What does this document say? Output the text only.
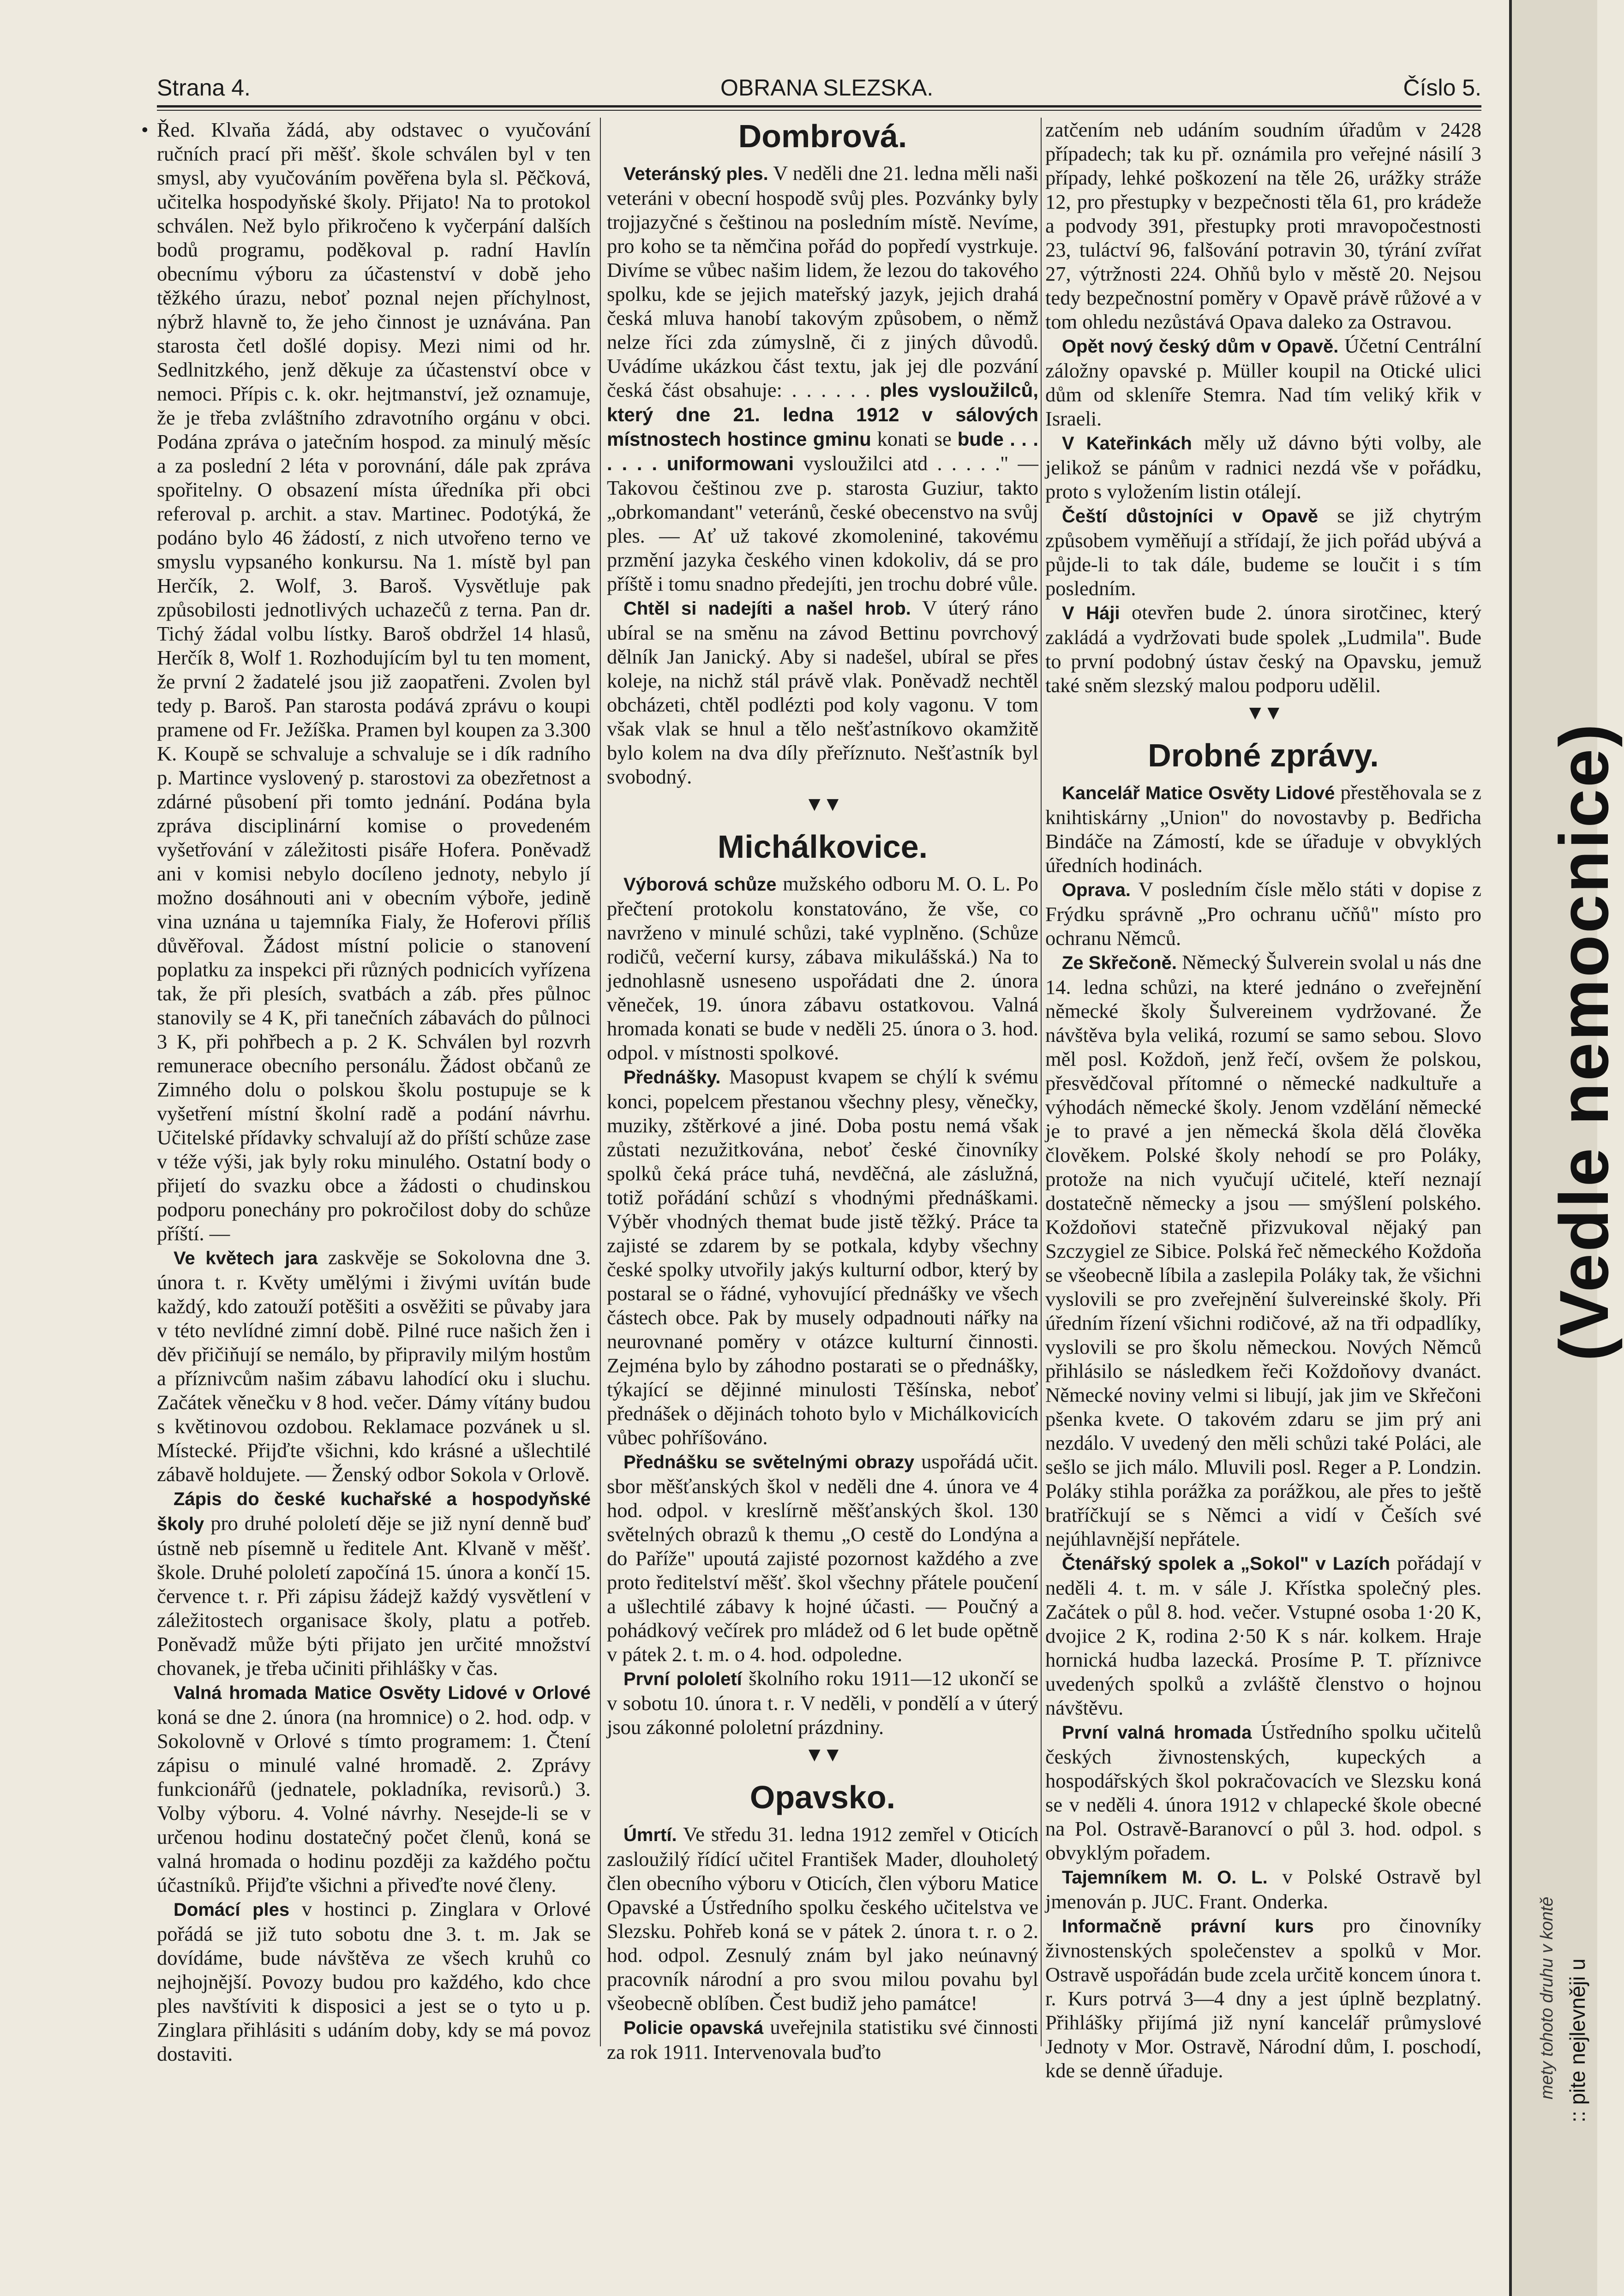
Strana 4.	OBRANA SLEZSKA.	Číslo 5.
• Řed. Klvaňa žádá, aby odstavec o vyučování ručních prací při měšť. škole schválen byl v ten smysl, aby vyučováním pověřena byla sl. Pěčková, učitelka hospodyňské školy. Přijato! Na to protokol schválen. Než bylo přikročeno k vyčerpání dalších bodů programu, poděkoval p. radní Havlín obecnímu výboru za účastenství v době jeho těžkého úrazu, neboť poznal nejen příchylnost, nýbrž hlavně to, že jeho činnost je uznávána. Pan starosta četl došlé dopisy. Mezi nimi od hr. Sedlnitzkého, jenž děkuje za účastenství obce v nemoci. Přípis c. k. okr. hejtmanství, jež oznamuje, že je třeba zvláštního zdravotního orgánu v obci. Podána zpráva o jatečním hospod. za minulý měsíc a za poslední 2 léta v porovnání, dále pak zpráva spořitelny. O obsazení místa úředníka při obci referoval p. archit. a stav. Martinec. Podotýká, že podáno bylo 46 žádostí, z nich utvořeno terno ve smyslu vypsaného konkursu. Na 1. místě byl pan Herčík, 2. Wolf, 3. Baroš. Vysvětluje pak způsobilosti jednotlivých uchazečů z terna. Pan dr. Tichý žádal volbu lístky. Baroš obdržel 14 hlasů, Herčík 8, Wolf 1. Rozhodujícím byl tu ten moment, že první 2 žadatelé jsou již zaopatřeni. Zvolen byl tedy p. Baroš. Pan starosta podává zprávu o koupi pramene od Fr. Ježíška. Pramen byl koupen za 3.300 K. Koupě se schvaluje a schvaluje se i dík radního p. Martince vyslovený p. starostovi za obezřetnost a zdárné působení při tomto jednání. Podána byla zpráva disciplinární komise o provedeném vyšetřování v záležitosti pisáře Hofera. Poněvadž ani v komisi nebylo docíleno jednoty, nebylo jí možno dosáhnouti ani v obecním výboře, jedině vina uznána u tajemníka Fialy, že Hoferovi příliš důvěřoval. Žádost místní policie o stanovení poplatku za inspekci při různých podnicích vyřízena tak, že při plesích, svatbách a záb. přes půlnoc stanovily se 4 K, při tanečních zábavách do půlnoci 3 K, při pohřbech a p. 2 K. Schválen byl rozvrh remunerace obecního personálu. Žádost občanů ze Zimného dolu o polskou školu postupuje se k vyšetření místní školní radě a podání návrhu. Učitelské přídavky schvalují až do příští schůze zase v téže výši, jak byly roku minulého. Ostatní body o přijetí do svazku obce a žádosti o chudinskou podporu ponechány pro pokročilost doby do schůze příští. —

Ve květech jara zaskvěje se Sokolovna dne 3. února t. r. Květy umělými i živými uvítán bude každý, kdo zatouží potěšiti a osvěžiti se půvaby jara v této nevlídné zimní době. Pilné ruce našich žen i děv přičiňují se nemálo, by připravily milým hostům a příznivcům našim zábavu lahodící oku i sluchu. Začátek věnečku v 8 hod. večer. Dámy vítány budou s květinovou ozdobou. Reklamace pozvánek u sl. Místecké. Přijďte všichni, kdo krásné a ušlechtilé zábavě holdujete. — Ženský odbor Sokola v Orlově.

Zápis do české kuchařské a hospodyňské školy pro druhé pololetí děje se již nyní denně buď ústně neb písemně u ředitele Ant. Klvaně v měšť. škole. Druhé pololetí započíná 15. února a končí 15. července t. r. Při zápisu žádejž každý vysvětlení v záležitostech organisace školy, platu a potřeb. Poněvadž může býti přijato jen určité množství chovanek, je třeba učiniti přihlášky v čas.

Valná hromada Matice Osvěty Lidové v Orlové koná se dne 2. února (na hromnice) o 2. hod. odp. v Sokolovně v Orlové s tímto programem: 1. Čtení zápisu o minulé valné hromadě. 2. Zprávy funkcionářů (jednatele, pokladníka, revisorů.) 3. Volby výboru. 4. Volné návrhy. Nesejde-li se v určenou hodinu dostatečný počet členů, koná se valná hromada o hodinu později za každého počtu účastníků. Přijďte všichni a přiveďte nové členy.

Domácí ples v hostinci p. Zinglara v Orlové pořádá se již tuto sobotu dne 3. t. m. Jak se dovídáme, bude návštěva ze všech kruhů co nejhojnější. Povozy budou pro každého, kdo chce ples navštíviti k disposici a jest se o tyto u p. Zinglara přihlásiti s udáním doby, kdy se má povoz dostaviti.

Dombrová.

Veteránský ples. V neděli dne 21. ledna měli naši veteráni v obecní hospodě svůj ples. Pozvánky byly trojjazyčné s češtinou na posledním místě. Nevíme, pro koho se ta němčina pořád do popředí vystrkuje. Divíme se vůbec našim lidem, že lezou do takového spolku, kde se jejich mateřský jazyk, jejich drahá česká mluva hanobí takovým způsobem, o němž nelze říci zda zúmyslně, či z jiných důvodů. Uvádíme ukázkou část textu, jak jej dle pozvání česká část obsahuje: . . . . . . ples vysloužilců, který dne 21. ledna 1912 v sálových místnostech hostince gminu konati se bude . . . . . . . uniformowani vysloužilci atd . . . . ." — Takovou češtinou zve p. starosta Guziur, takto „obrkomandant" veteránů, české obecenstvo na svůj ples. — Ať už takové zkomoleniné, takovému przmění jazyka českého vinen kdokoliv, dá se pro příště i tomu snadno předejíti, jen trochu dobré vůle.

Chtěl si nadejíti a našel hrob. V úterý ráno ubíral se na směnu na závod Bettinu povrchový dělník Jan Janický. Aby si nadešel, ubíral se přes koleje, na nichž stál právě vlak. Poněvadž nechtěl obcházeti, chtěl podlézti pod koly vagonu. V tom však vlak se hnul a tělo nešťastníkovo okamžitě bylo kolem na dva díly přeříznuto. Nešťastník byl svobodný.

▼▼

Michálkovice.

Výborová schůze mužského odboru M. O. L. Po přečtení protokolu konstatováno, že vše, co navrženo v minulé schůzi, také vyplněno. (Schůze rodičů, večerní kursy, zábava mikulášská.) Na to jednohlasně usneseno uspořádati dne 2. února věneček, 19. února zábavu ostatkovou. Valná hromada konati se bude v neděli 25. února o 3. hod. odpol. v místnosti spolkové.

Přednášky. Masopust kvapem se chýlí k svému konci, popelcem přestanou všechny plesy, věnečky, muziky, zštěrkové a jiné. Doba postu nemá však zůstati nezužitkována, neboť české činovníky spolků čeká práce tuhá, nevděčná, ale záslužná, totiž pořádání schůzí s vhodnými přednáškami. Výběr vhodných themat bude jistě těžký. Práce ta zajisté se zdarem by se potkala, kdyby všechny české spolky utvořily jakýs kulturní odbor, který by postaral se o řádné, vyhovující přednášky ve všech částech obce. Pak by musely odpadnouti nářky na neurovnané poměry v otázce kulturní činnosti. Zejména bylo by záhodno postarati se o přednášky, týkající se dějinné minulosti Těšínska, neboť přednášek o dějinách tohoto bylo v Michálkovicích vůbec pohříšováno.

Přednášku se světelnými obrazy uspořádá učit. sbor měšťanských škol v neděli dne 4. února ve 4 hod. odpol. v kreslírně měšťanských škol. 130 světelných obrazů k themu „O cestě do Londýna a do Paříže" upoutá zajisté pozornost každého a zve proto ředitelství měšť. škol všechny přátele poučení a ušlechtilé zábavy k hojné účasti. — Poučný a pohádkový večírek pro mládež od 6 let bude opětně v pátek 2. t. m. o 4. hod. odpoledne.

První pololetí školního roku 1911—12 ukončí se v sobotu 10. února t. r. V neděli, v pondělí a v úterý jsou zákonné pololetní prázdniny.

▼▼

Opavsko.

Úmrtí. Ve středu 31. ledna 1912 zemřel v Oticích zasloužilý řídící učitel František Mader, dlouholetý člen obecního výboru v Oticích, člen výboru Matice Opavské a Ústředního spolku českého učitelstva ve Slezsku. Pohřeb koná se v pátek 2. února t. r. o 2. hod. odpol. Zesnulý znám byl jako neúnavný pracovník národní a pro svou milou povahu byl všeobecně oblíben. Čest budiž jeho památce!

Policie opavská uveřejnila statistiku své činnosti za rok 1911. Intervenovala buďto

zatčením neb udáním soudním úřadům v 2428 případech; tak ku př. oznámila pro veřejné násilí 3 případy, lehké poškození na těle 26, urážky stráže 12, pro přestupky v bezpečnosti těla 61, pro krádeže a podvody 391, přestupky proti mravopočestnosti 23, tuláctví 96, falšování potravin 30, týrání zvířat 27, výtržnosti 224. Ohňů bylo v městě 20. Nejsou tedy bezpečnostní poměry v Opavě právě růžové a v tom ohledu nezůstává Opava daleko za Ostravou.

Opět nový český dům v Opavě. Účetní Centrální záložny opavské p. Müller koupil na Otické ulici dům od skleníře Stemra. Nad tím veliký křik v Israeli.

V Kateřinkách měly už dávno býti volby, ale jelikož se pánům v radnici nezdá vše v pořádku, proto s vyložením listin otálejí.

Čeští důstojníci v Opavě se již chytrým způsobem vyměňují a střídají, že jich pořád ubývá a půjde-li to tak dále, budeme se loučit i s tím posledním.

V Háji otevřen bude 2. února sirotčinec, který zakládá a vydržovati bude spolek „Ludmila". Bude to první podobný ústav český na Opavsku, jemuž také sněm slezský malou podporu udělil.

▼▼

Drobné zprávy.

Kancelář Matice Osvěty Lidové přestěhovala se z knihtiskárny „Union" do novostavby p. Bedřicha Bindáče na Zámostí, kde se úřaduje v obvyklých úředních hodinách.

Oprava. V posledním čísle mělo státi v dopise z Frýdku správně „Pro ochranu učňů" místo pro ochranu Němců.

Ze Skřečoně. Německý Šulverein svolal u nás dne 14. ledna schůzi, na které jednáno o zveřejnění německé školy Šulvereinem vydržované. Že návštěva byla veliká, rozumí se samo sebou. Slovo měl posl. Koždoň, jenž řečí, ovšem že polskou, přesvědčoval přítomné o německé nadkultuře a výhodách německé školy. Jenom vzdělání německé je to pravé a jen německá škola dělá člověka člověkem. Polské školy nehodí se pro Poláky, protože na nich vyučují učitelé, kteří neznají dostatečně německy a jsou — smýšlení polského. Koždoňovi statečně přizvukoval nějaký pan Szczygiel ze Sibice. Polská řeč německého Koždoňa se všeobecně líbila a zaslepila Poláky tak, že všichni vyslovili se pro zveřejnění šulvereinské školy. Při úředním řízení všichni rodičové, až na tři odpadlíky, vyslovili se pro školu německou. Nových Němců přihlásilo se následkem řeči Koždoňovy dvanáct. Německé noviny velmi si libují, jak jim ve Skřečoni pšenka kvete. O takovém zdaru se jim prý ani nezdálo. V uvedený den měli schůzi také Poláci, ale sešlo se jich málo. Mluvili posl. Reger a P. Londzin. Poláky stihla porážka za porážkou, ale přes to ještě bratříčkují se s Němci a vidí v Češích své nejúhlavnější nepřátele.

Čtenářský spolek a „Sokol" v Lazích pořádají v neděli 4. t. m. v sále J. Křístka společný ples. Začátek o půl 8. hod. večer. Vstupné osoba 1·20 K, dvojice 2 K, rodina 2·50 K s nár. kolkem. Hraje hornická hudba lazecká. Prosíme P. T. příznivce uvedených spolků a zvláště členstvo o hojnou návštěvu.

První valná hromada Ústředního spolku učitelů českých živnostenských, kupeckých a hospodářských škol pokračovacích ve Slezsku koná se v neděli 4. února 1912 v chlapecké škole obecné na Pol. Ostravě-Baranovcí o půl 3. hod. odpol. s obvyklým pořadem.

Tajemníkem M. O. L. v Polské Ostravě byl jmenován p. JUC. Frant. Onderka.

Informačně právní kurs pro činovníky živnostenských společenstev a spolků v Mor. Ostravě uspořádán bude zcela určitě koncem února t. r. Kurs potrvá 3—4 dny a jest úplně bezplatný. Přihlášky přijímá již nyní kancelář průmyslové Jednoty v Mor. Ostravě, Národní dům, I. poschodí, kde se denně úřaduje.

(Vedle nemocnice)
mety tohoto druhu v kontě :: pite nejlevněji u
